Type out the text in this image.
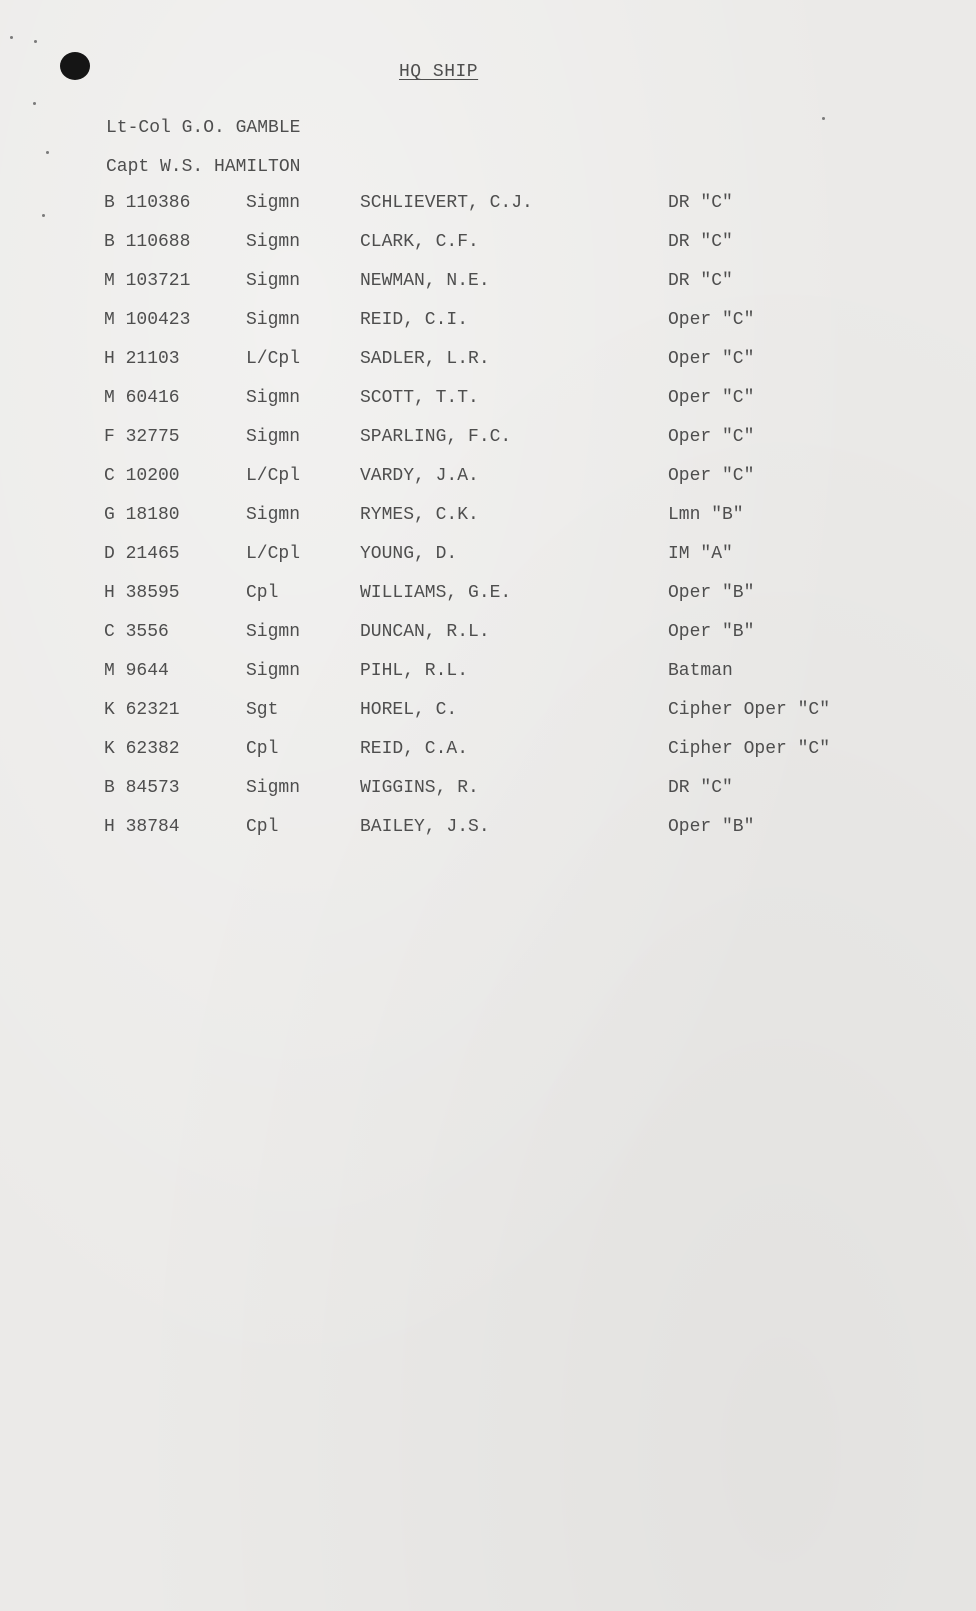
HQ SHIP
Lt-Col G.O. GAMBLE
Capt W.S. HAMILTON
B 110386	Sigmn	SCHLIEVERT, C.J.	DR "C"
B 110688	Sigmn	CLARK, C.F.	DR "C"
M 103721	Sigmn	NEWMAN, N.E.	DR "C"
M 100423	Sigmn	REID, C.I.	Oper "C"
H 21103	L/Cpl	SADLER, L.R.	Oper "C"
M 60416	Sigmn	SCOTT, T.T.	Oper "C"
F 32775	Sigmn	SPARLING, F.C.	Oper "C"
C 10200	L/Cpl	VARDY, J.A.	Oper "C"
G 18180	Sigmn	RYMES, C.K.	Lmn "B"
D 21465	L/Cpl	YOUNG, D.	IM "A"
H 38595	Cpl	WILLIAMS, G.E.	Oper "B"
C 3556	Sigmn	DUNCAN, R.L.	Oper "B"
M 9644	Sigmn	PIHL, R.L.	Batman
K 62321	Sgt	HOREL, C.	Cipher Oper "C"
K 62382	Cpl	REID, C.A.	Cipher Oper "C"
B 84573	Sigmn	WIGGINS, R.	DR "C"
H 38784	Cpl	BAILEY, J.S.	Oper "B"
